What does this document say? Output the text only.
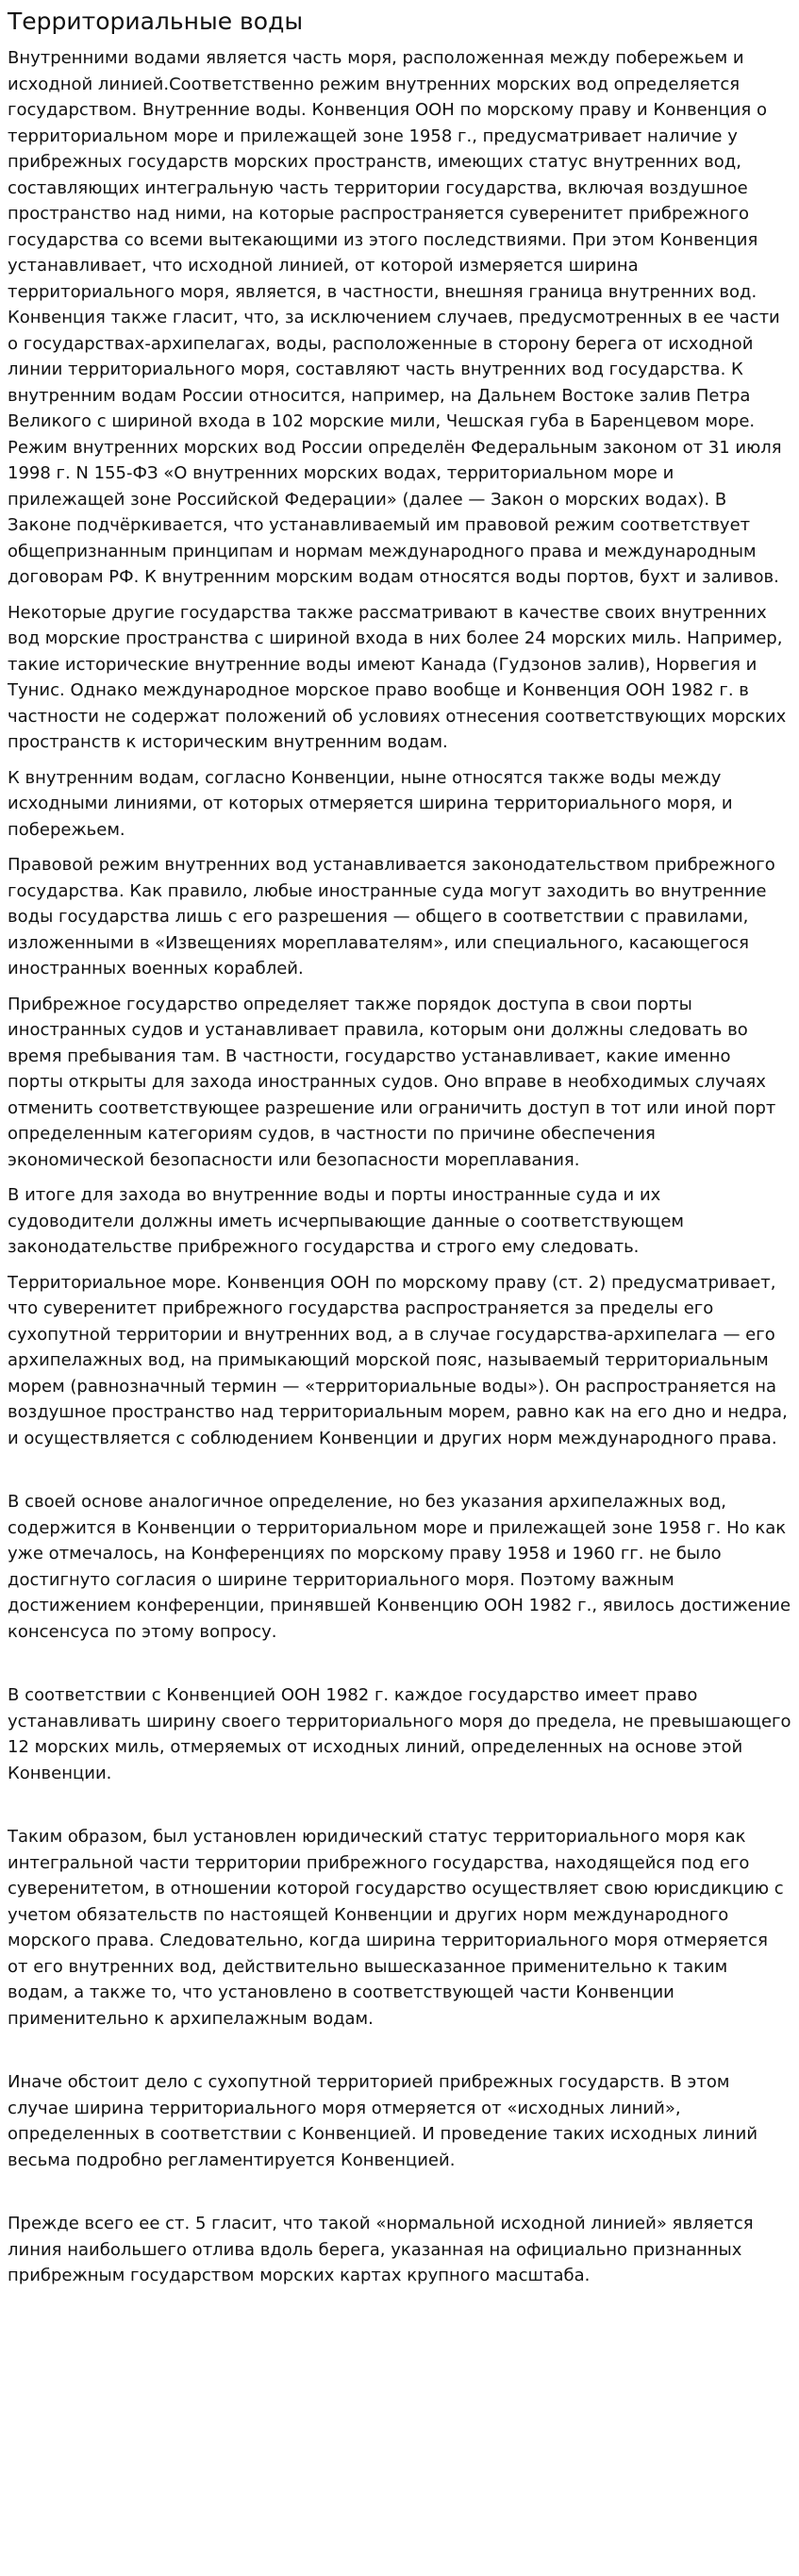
Территориальные воды

Внутренними водами является часть моря, расположенная между побережьем и исходной линией.Соответственно режим внутренних морских вод определяется государством. Внутренние воды. Конвенция ООН по морскому праву и Конвенция о территориальном море и прилежащей зоне 1958 г., предусматривает наличие у прибрежных государств морских пространств, имеющих статус внутренних вод, составляющих интегральную часть территории государства, включая воздушное пространство над ними, на которые распространяется суверенитет прибрежного государства со всеми вытекающими из этого последствиями. При этом Конвенция устанавливает, что исходной линией, от которой измеряется ширина территориального моря, является, в частности, внешняя граница внутренних вод. Конвенция также гласит, что, за исключением случаев, предусмотренных в ее части о государствах-архипелагах, воды, расположенные в сторону берега от исходной линии территориального моря, составляют часть внутренних вод государства. К внутренним водам России относится, например, на Дальнем Востоке залив Петра Великого с шириной входа в 102 морские мили, Чешская губа в Баренцевом море. Режим внутренних морских вод России определён Федеральным законом от 31 июля 1998 г. N 155-ФЗ «О внутренних морских водах, территориальном море и прилежащей зоне Российской Федерации» (далее — Закон о морских водах). В Законе подчёркивается, что устанавливаемый им правовой режим соответствует общепризнанным принципам и нормам международного права и международным договорам РФ. К внутренним морским водам относятся воды портов, бухт и заливов.

Некоторые другие государства также рассматривают в качестве своих внутренних вод морские пространства с шириной входа в них более 24 морских миль. Например, такие исторические внутренние воды имеют Канада (Гудзонов залив), Норвегия и Тунис. Однако международное морское право вообще и Конвенция ООН 1982 г. в частности не содержат положений об условиях отнесения соответствующих морских пространств к историческим внутренним водам.

К внутренним водам, согласно Конвенции, ныне относятся также воды между исходными линиями, от которых отмеряется ширина территориального моря, и побережьем.

Правовой режим внутренних вод устанавливается законодательством прибрежного государства. Как правило, любые иностранные суда могут заходить во внутренние воды государства лишь с его разрешения — общего в соответствии с правилами, изложенными в «Извещениях мореплавателям», или специального, касающегося иностранных военных кораблей.

Прибрежное государство определяет также порядок доступа в свои порты иностранных судов и устанавливает правила, которым они должны следовать во время пребывания там. В частности, государство устанавливает, какие именно порты открыты для захода иностранных судов. Оно вправе в необходимых случаях отменить соответствующее разрешение или ограничить доступ в тот или иной порт определенным категориям судов, в частности по причине обеспечения экономической безопасности или безопасности мореплавания.

В итоге для захода во внутренние воды и порты иностранные суда и их судоводители должны иметь исчерпывающие данные о соответствующем законодательстве прибрежного государства и строго ему следовать.

Территориальное море. Конвенция ООН по морскому праву (ст. 2) предусматривает, что суверенитет прибрежного государства распространяется за пределы его сухопутной территории и внутренних вод, а в случае государства-архипелага — его архипелажных вод, на примыкающий морской пояс, называемый территориальным морем (равнозначный термин — «территориальные воды»). Он распространяется на воздушное пространство над территориальным морем, равно как на его дно и недра, и осуществляется с соблюдением Конвенции и других норм международного права.

В своей основе аналогичное определение, но без указания архипелажных вод, содержится в Конвенции о территориальном море и прилежащей зоне 1958 г. Но как уже отмечалось, на Конференциях по морскому праву 1958 и 1960 гг. не было достигнуто согласия о ширине территориального моря. Поэтому важным достижением конференции, принявшей Конвенцию ООН 1982 г., явилось достижение консенсуса по этому вопросу.

В соответствии с Конвенцией ООН 1982 г. каждое государство имеет право устанавливать ширину своего территориального моря до предела, не превышающего 12 морских миль, отмеряемых от исходных линий, определенных на основе этой Конвенции.

Таким образом, был установлен юридический статус территориального моря как интегральной части территории прибрежного государства, находящейся под его суверенитетом, в отношении которой государство осуществляет свою юрисдикцию с учетом обязательств по настоящей Конвенции и других норм международного морского права. Следовательно, когда ширина территориального моря отмеряется от его внутренних вод, действительно вышесказанное применительно к таким водам, а также то, что установлено в соответствующей части Конвенции применительно к архипелажным водам.

Иначе обстоит дело с сухопутной территорией прибрежных государств. В этом случае ширина территориального моря отмеряется от «исходных линий», определенных в соответствии с Конвенцией. И проведение таких исходных линий весьма подробно регламентируется Конвенцией.

Прежде всего ее ст. 5 гласит, что такой «нормальной исходной линией» является линия наибольшего отлива вдоль берега, указанная на официально признанных прибрежным государством морских картах крупного масштаба.
